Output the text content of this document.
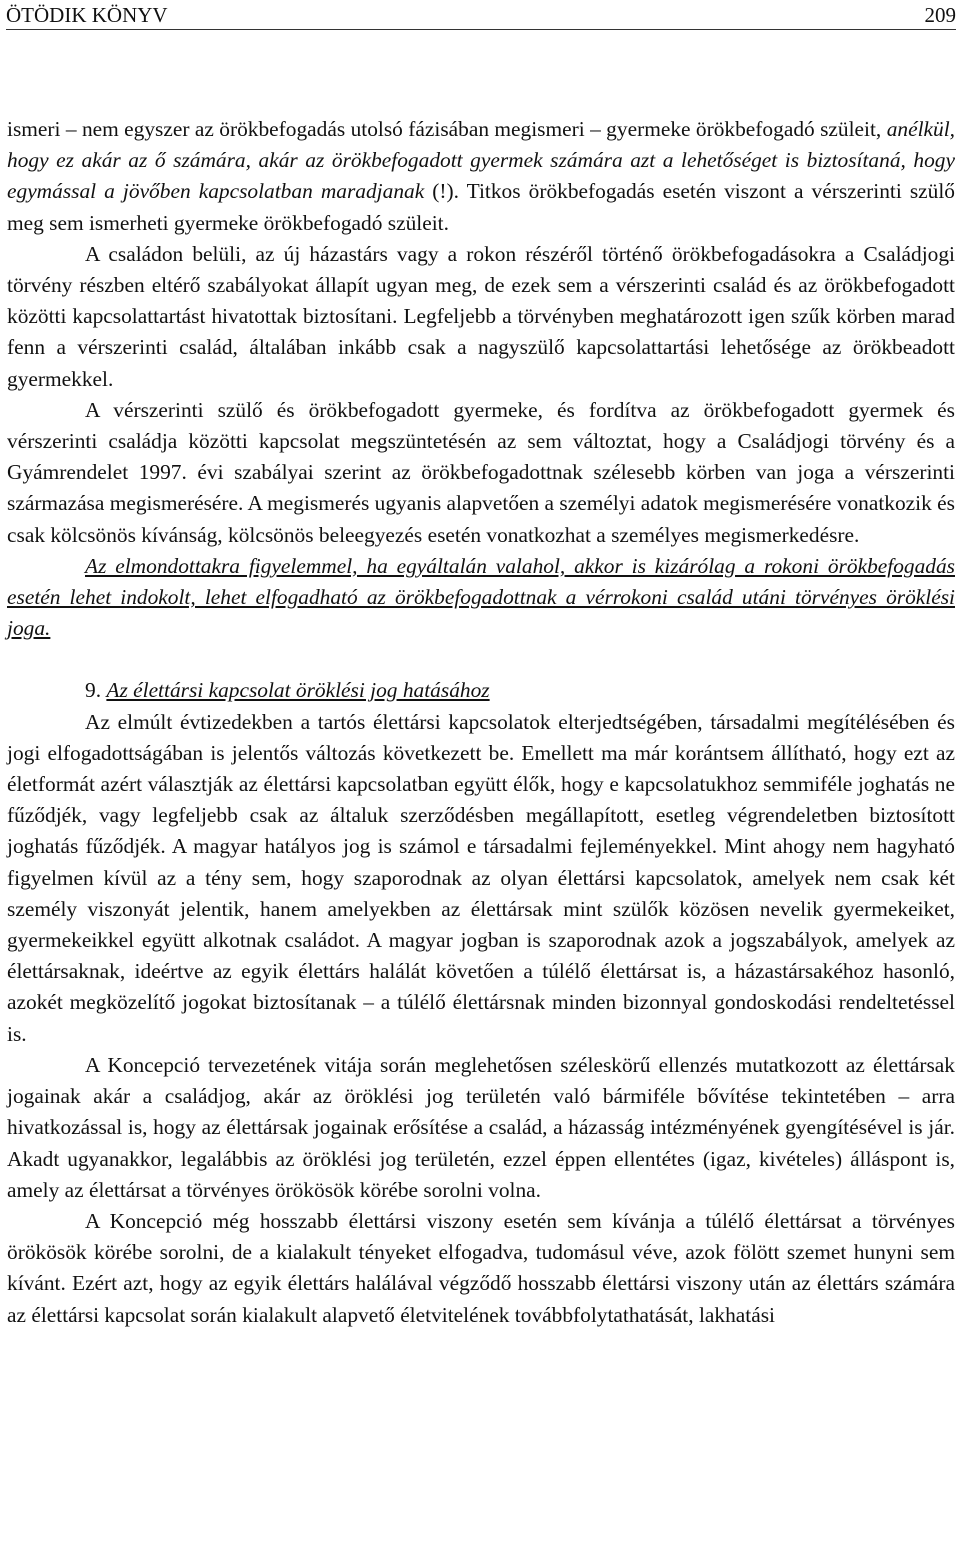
ÖTÖDIK KÖNYV	209

ismeri – nem egyszer az örökbefogadás utolsó fázisában megismeri – gyermeke örökbefogadó szüleit, anélkül, hogy ez akár az ő számára, akár az örökbefogadott gyermek számára azt a lehetőséget is biztosítaná, hogy egymással a jövőben kapcsolatban maradjanak (!). Titkos örökbefogadás esetén viszont a vérszerinti szülő meg sem ismerheti gyermeke örökbefogadó szüleit.

A családon belüli, az új házastárs vagy a rokon részéről történő örökbefogadásokra a Családjogi törvény részben eltérő szabályokat állapít ugyan meg, de ezek sem a vérszerinti család és az örökbefogadott közötti kapcsolattartást hivatottak biztosítani. Legfeljebb a törvényben meghatározott igen szűk körben marad fenn a vérszerinti család, általában inkább csak a nagyszülő kapcsolattartási lehetősége az örökbeadott gyermekkel.

A vérszerinti szülő és örökbefogadott gyermeke, és fordítva az örökbefogadott gyermek és vérszerinti családja közötti kapcsolat megszüntetésén az sem változtat, hogy a Családjogi törvény és a Gyámrendelet 1997. évi szabályai szerint az örökbefogadottnak szélesebb körben van joga a vérszerinti származása megismerésére. A megismerés ugyanis alapvetően a személyi adatok megismerésére vonatkozik és csak kölcsönös kívánság, kölcsönös beleegyezés esetén vonatkozhat a személyes megismerkedésre.

Az elmondottakra figyelemmel, ha egyáltalán valahol, akkor is kizárólag a rokoni örökbefogadás esetén lehet indokolt, lehet elfogadható az örökbefogadottnak a vérrokoni család utáni törvényes öröklési joga.

9. Az élettársi kapcsolat öröklési jog hatásához

Az elmúlt évtizedekben a tartós élettársi kapcsolatok elterjedtségében, társadalmi megítélésében és jogi elfogadottságában is jelentős változás következett be. Emellett ma már korántsem állítható, hogy ezt az életformát azért választják az élettársi kapcsolatban együtt élők, hogy e kapcsolatukhoz semmiféle joghatás ne fűződjék, vagy legfeljebb csak az általuk szerződésben megállapított, esetleg végrendeletben biztosított joghatás fűződjék. A magyar hatályos jog is számol e társadalmi fejleményekkel. Mint ahogy nem hagyható figyelmen kívül az a tény sem, hogy szaporodnak az olyan élettársi kapcsolatok, amelyek nem csak két személy viszonyát jelentik, hanem amelyekben az élettársak mint szülők közösen nevelik gyermekeiket, gyermekeikkel együtt alkotnak családot. A magyar jogban is szaporodnak azok a jogszabályok, amelyek az élettársaknak, ideértve az egyik élettárs halálát követően a túlélő élettársat is, a házastársakéhoz hasonló, azokét megközelítő jogokat biztosítanak – a túlélő élettársnak minden bizonnyal gondoskodási rendeltetéssel is.

A Koncepció tervezetének vitája során meglehetősen széleskörű ellenzés mutatkozott az élettársak jogainak akár a családjog, akár az öröklési jog területén való bármiféle bővítése tekintetében – arra hivatkozással is, hogy az élettársak jogainak erősítése a család, a házasság intézményének gyengítésével is jár. Akadt ugyanakkor, legalábbis az öröklési jog területén, ezzel éppen ellentétes (igaz, kivételes) álláspont is, amely az élettársat a törvényes örökösök körébe sorolni volna.

A Koncepció még hosszabb élettársi viszony esetén sem kívánja a túlélő élettársat a törvényes örökösök körébe sorolni, de a kialakult tényeket elfogadva, tudomásul véve, azok fölött szemet hunyni sem kívánt. Ezért azt, hogy az egyik élettárs halálával végződő hosszabb élettársi viszony után az élettárs számára az élettársi kapcsolat során kialakult alapvető életvitelének továbbfolytathatását, lakhatási
